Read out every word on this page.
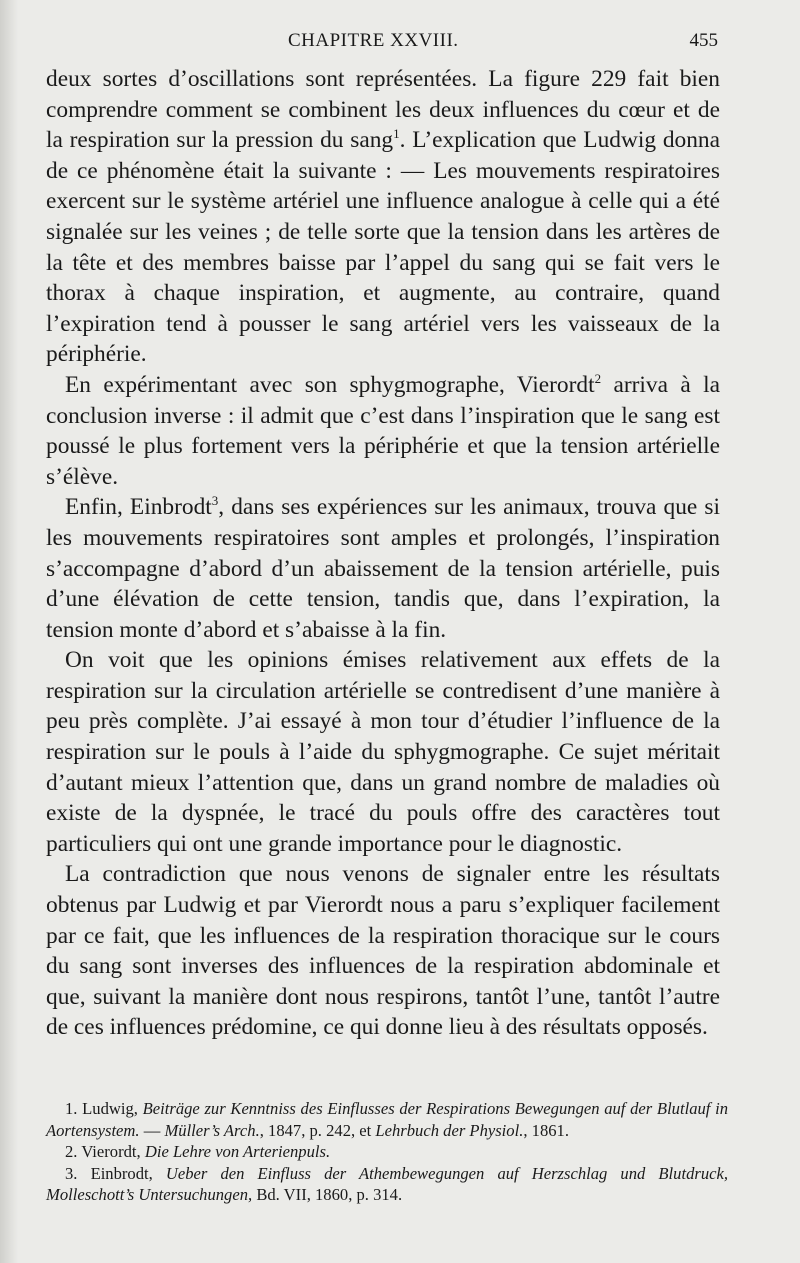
CHAPITRE XXVIII.	455

deux sortes d’oscillations sont représentées. La figure 229 fait bien comprendre comment se combinent les deux influences du cœur et de la respiration sur la pression du sang$^1$. L’explication que Ludwig donna de ce phénomène était la suivante : — Les mouvements respiratoires exercent sur le système artériel une influence analogue à celle qui a été signalée sur les veines ; de telle sorte que la tension dans les artères de la tête et des membres baisse par l’appel du sang qui se fait vers le thorax à chaque inspiration, et augmente, au contraire, quand l’expiration tend à pousser le sang artériel vers les vaisseaux de la périphérie.

En expérimentant avec son sphygmographe, Vierordt$^2$ arriva à la conclusion inverse : il admit que c’est dans l’inspiration que le sang est poussé le plus fortement vers la périphérie et que la tension artérielle s’élève.

Enfin, Einbrodt$^3$, dans ses expériences sur les animaux, trouva que si les mouvements respiratoires sont amples et prolongés, l’inspiration s’accompagne d’abord d’un abaissement de la tension artérielle, puis d’une élévation de cette tension, tandis que, dans l’expiration, la tension monte d’abord et s’abaisse à la fin.

On voit que les opinions émises relativement aux effets de la respiration sur la circulation artérielle se contredisent d’une manière à peu près complète. J’ai essayé à mon tour d’étudier l’influence de la respiration sur le pouls à l’aide du sphygmographe. Ce sujet méritait d’autant mieux l’attention que, dans un grand nombre de maladies où existe de la dyspnée, le tracé du pouls offre des caractères tout particuliers qui ont une grande importance pour le diagnostic.

La contradiction que nous venons de signaler entre les résultats obtenus par Ludwig et par Vierordt nous a paru s’expliquer facilement par ce fait, que les influences de la respiration thoracique sur le cours du sang sont inverses des influences de la respiration abdominale et que, suivant la manière dont nous respirons, tantôt l’une, tantôt l’autre de ces influences prédomine, ce qui donne lieu à des résultats opposés.

1. Ludwig, Beiträge zur Kenntniss des Einflusses der Respirations Bewegungen auf der Blutlauf in Aortensystem. — Müller’s Arch., 1847, p. 242, et Lehrbuch der Physiol., 1861.

2. Vierordt, Die Lehre von Arterienpuls.

3. Einbrodt, Ueber den Einfluss der Athembewegungen auf Herzschlag und Blutdruck, Molleschott’s Untersuchungen, Bd. VII, 1860, p. 314.
